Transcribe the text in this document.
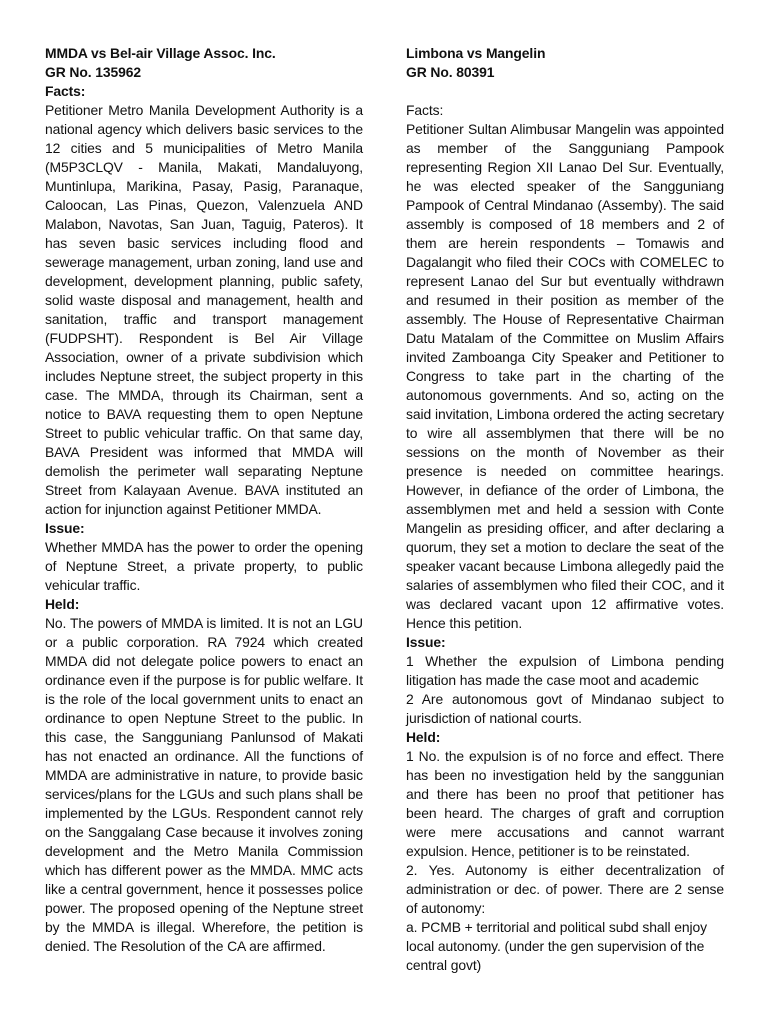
MMDA vs Bel-air Village Assoc. Inc.

GR No. 135962

Facts:

Petitioner Metro Manila Development Authority is a national agency which delivers basic services to the 12 cities and 5 municipalities of Metro Manila (M5P3CLQV - Manila, Makati, Mandaluyong, Muntinlupa, Marikina, Pasay, Pasig, Paranaque, Caloocan, Las Pinas, Quezon, Valenzuela AND Malabon, Navotas, San Juan, Taguig, Pateros). It has seven basic services including flood and sewerage management, urban zoning, land use and development, development planning, public safety, solid waste disposal and management, health and sanitation, traffic and transport management (FUDPSHT). Respondent is Bel Air Village Association, owner of a private subdivision which includes Neptune street, the subject property in this case. The MMDA, through its Chairman, sent a notice to BAVA requesting them to open Neptune Street to public vehicular traffic. On that same day, BAVA President was informed that MMDA will demolish the perimeter wall separating Neptune Street from Kalayaan Avenue. BAVA instituted an action for injunction against Petitioner MMDA.

Issue:

Whether MMDA has the power to order the opening of Neptune Street, a private property, to public vehicular traffic.

Held:

No. The powers of MMDA is limited. It is not an LGU or a public corporation. RA 7924 which created MMDA did not delegate police powers to enact an ordinance even if the purpose is for public welfare. It is the role of the local government units to enact an ordinance to open Neptune Street to the public. In this case, the Sangguniang Panlunsod of Makati has not enacted an ordinance. All the functions of MMDA are administrative in nature, to provide basic services/plans for the LGUs and such plans shall be implemented by the LGUs. Respondent cannot rely on the Sanggalang Case because it involves zoning development and the Metro Manila Commission which has different power as the MMDA. MMC acts like a central government, hence it possesses police power. The proposed opening of the Neptune street by the MMDA is illegal. Wherefore, the petition is denied. The Resolution of the CA are affirmed.

Limbona vs Mangelin

GR No. 80391

Facts:

Petitioner Sultan Alimbusar Mangelin was appointed as member of the Sangguniang Pampook representing Region XII Lanao Del Sur. Eventually, he was elected speaker of the Sangguniang Pampook of Central Mindanao (Assemby). The said assembly is composed of 18 members and 2 of them are herein respondents – Tomawis and Dagalangit who filed their COCs with COMELEC to represent Lanao del Sur but eventually withdrawn and resumed in their position as member of the assembly. The House of Representative Chairman Datu Matalam of the Committee on Muslim Affairs invited Zamboanga City Speaker and Petitioner to Congress to take part in the charting of the autonomous governments. And so, acting on the said invitation, Limbona ordered the acting secretary to wire all assemblymen that there will be no sessions on the month of November as their presence is needed on committee hearings. However, in defiance of the order of Limbona, the assemblymen met and held a session with Conte Mangelin as presiding officer, and after declaring a quorum, they set a motion to declare the seat of the speaker vacant because Limbona allegedly paid the salaries of assemblymen who filed their COC, and it was declared vacant upon 12 affirmative votes. Hence this petition.

Issue:

1 Whether the expulsion of Limbona pending litigation has made the case moot and academic

2 Are autonomous govt of Mindanao subject to jurisdiction of national courts.

Held:

1 No. the expulsion is of no force and effect. There has been no investigation held by the sanggunian and there has been no proof that petitioner has been heard. The charges of graft and corruption were mere accusations and cannot warrant expulsion. Hence, petitioner is to be reinstated.

2. Yes. Autonomy is either decentralization of administration or dec. of power. There are 2 sense of autonomy:

a. PCMB + territorial and political subd shall enjoy local autonomy. (under the gen supervision of the central govt)
